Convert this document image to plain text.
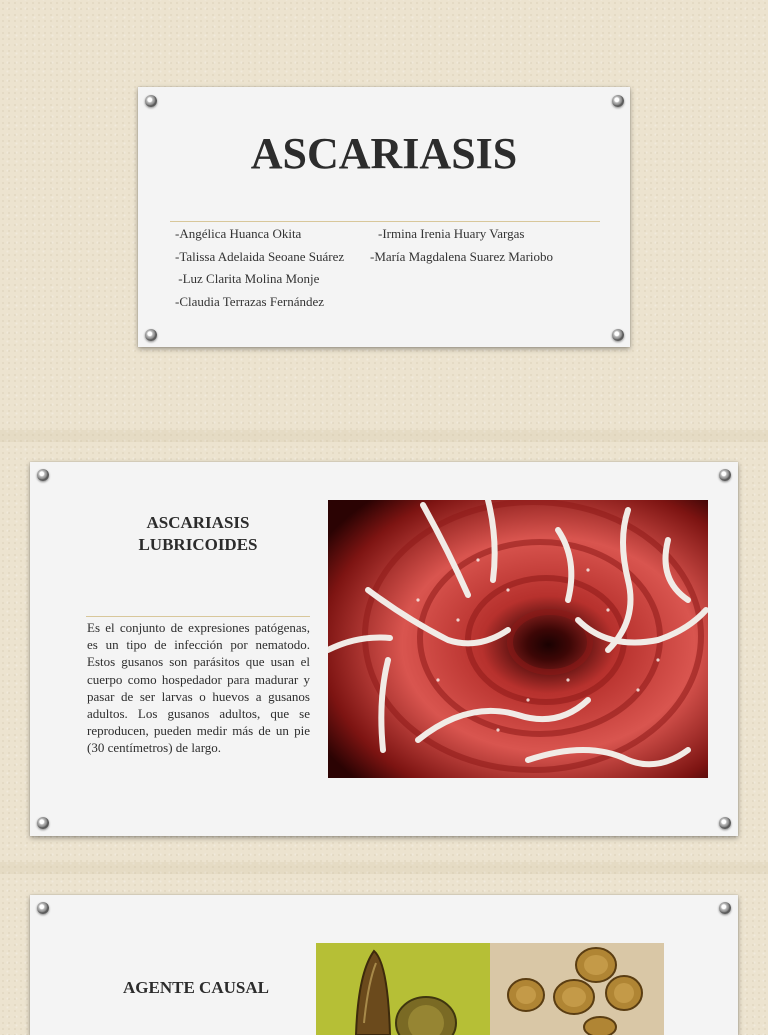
ASCARIASIS
-Angélica Huanca Okita
-Talissa Adelaida Seoane Suárez
-Luz Clarita Molina Monje
-Claudia Terrazas Fernández
-Irmina Irenia Huary Vargas
-María Magdalena Suarez Mariobo
ASCARIASIS
LUBRICOIDES
Es el conjunto de expresiones patógenas, es un tipo de infección por nematodo. Estos gusanos son parásitos que usan el cuerpo como hospedador para madurar y pasar de ser larvas o huevos a gusanos adultos. Los gusanos adultos, que se reproducen, pueden medir más de un pie (30 centímetros) de largo.
AGENTE CAUSAL
